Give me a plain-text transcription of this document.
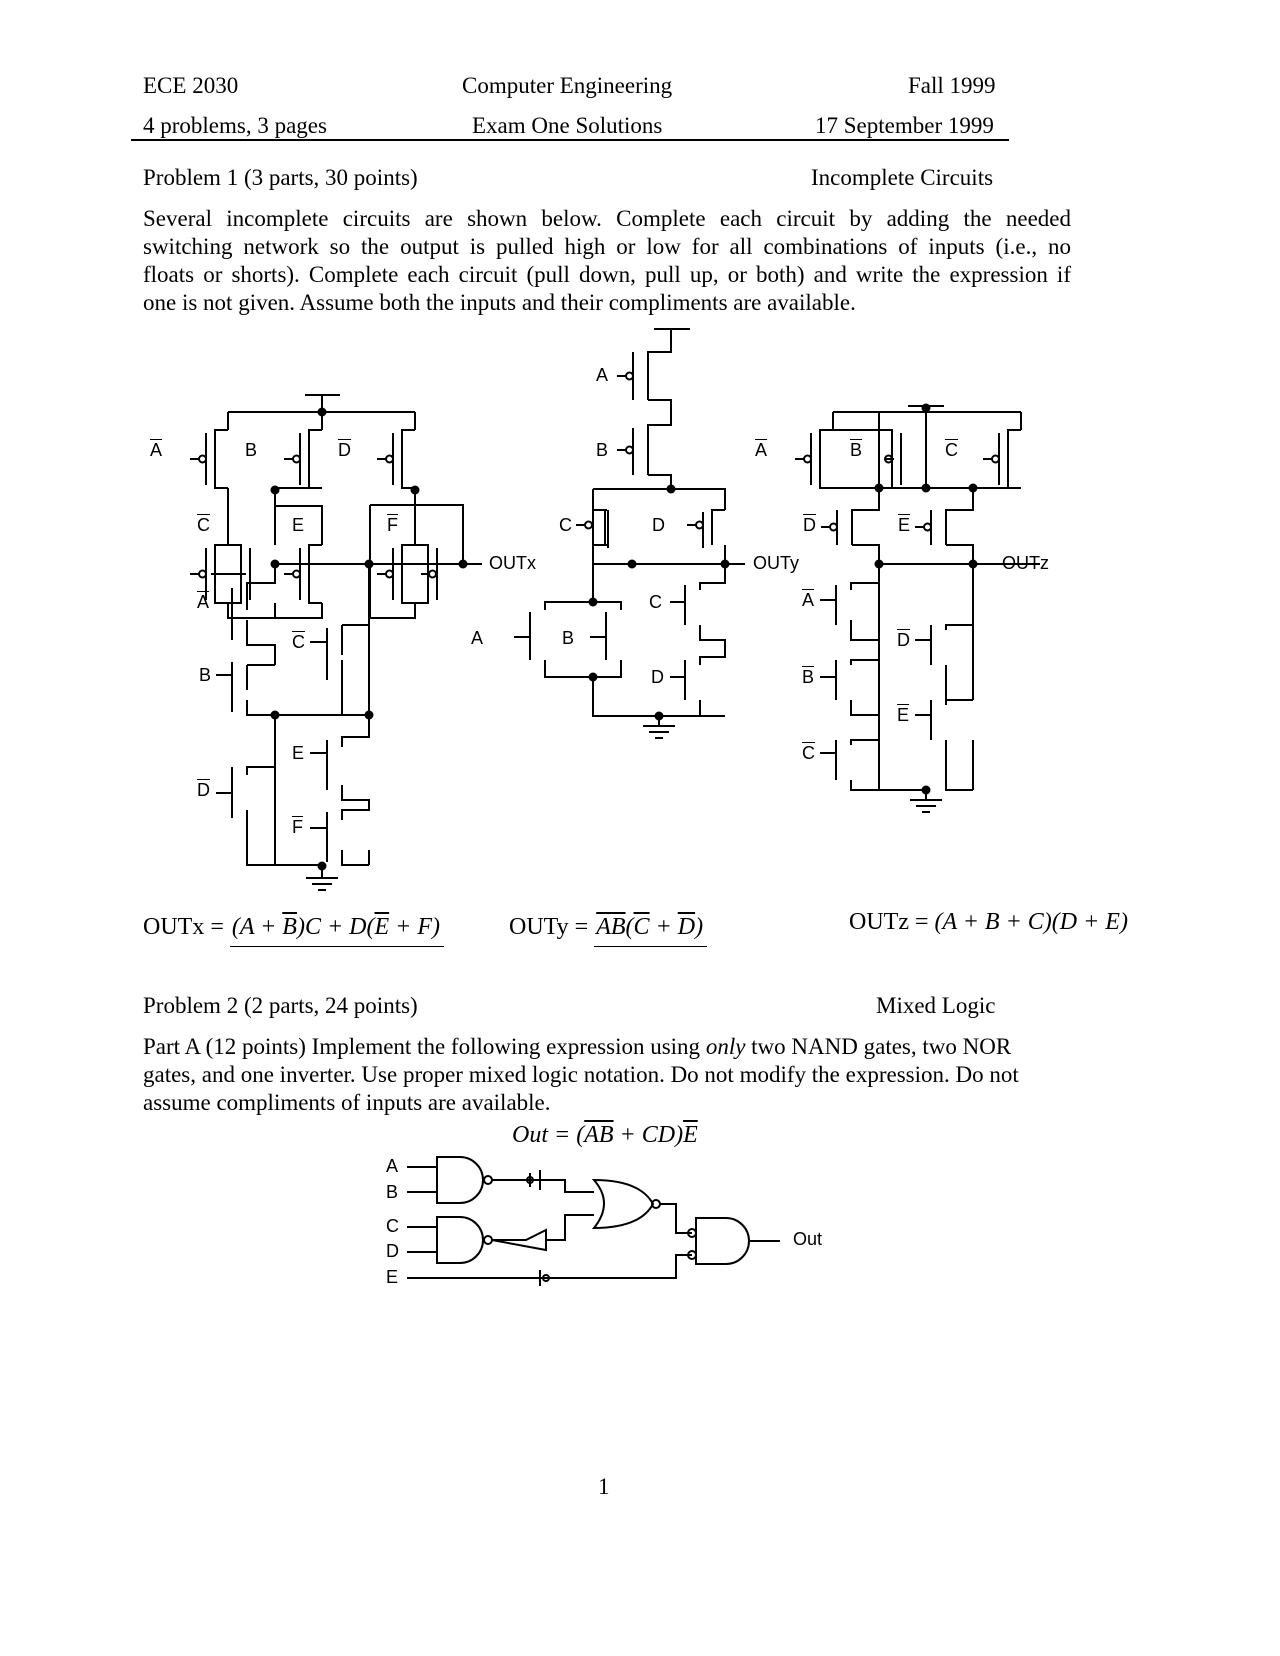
ECE 2030	Computer Engineering	Fall 1999
4 problems, 3 pages	Exam One Solutions	17 September 1999
Problem 1 (3 parts, 30 points)	Incomplete Circuits
Several incomplete circuits are shown below. Complete each circuit by adding the needed
switching network so the output is pulled high or low for all combinations of inputs (i.e., no
floats or shorts). Complete each circuit (pull down, pull up, or both) and write the expression if
one is not given. Assume both the inputs and their compliments are available.
$\overline{A}$	B	$\overline{D}$
$\overline{C}$	E	$\overline{F}$
$\overline{A}$
$\overline{C}$
B
E
$\overline{D}$
$\overline{F}$
OUTx
A
B
C	D
C
A	B
D
OUTy
$\overline{A}$	$\overline{B}$	$\overline{C}$
$\overline{D}$	$\overline{E}$
OUTz
$\overline{A}$
$\overline{D}$
$\overline{B}$
$\overline{E}$
$\overline{C}$
OUTx = $(A + \overline{B})C + D(\overline{E} + F)$	OUTy = $\overline{AB}(\overline{C} + \overline{D})$	OUTz = (A + B + C)(D + E)
Problem 2 (2 parts, 24 points)	Mixed Logic
Part A (12 points) Implement the following expression using only two NAND gates, two NOR
gates, and one inverter. Use proper mixed logic notation. Do not modify the expression. Do not
assume compliments of inputs are available.
Out = $(\overline{AB} + CD)\overline{E}$
A
B
C
D
E
Out
1
